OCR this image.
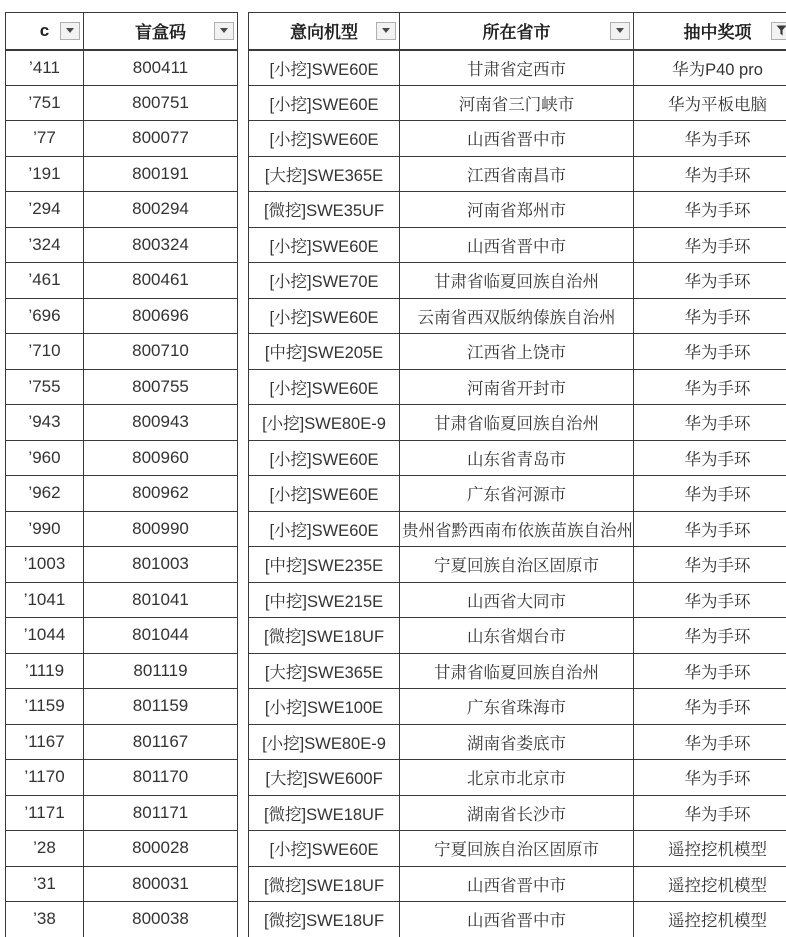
c	盲盒码

’411	800411
’751	800751
’77	800077
’191	800191
’294	800294
’324	800324
’461	800461
’696	800696
’710	800710
’755	800755
’943	800943
’960	800960
’962	800962
’990	800990
’1003	801003
’1041	801041
’1044	801044
’1119	801119
’1159	801159
’1167	801167
’1170	801170
’1171	801171
’28	800028
’31	800031
’38	800038
意向机型	所在省市	抽中奖项

[小挖]SWE60E	甘肃省定西市	华为P40 pro
[小挖]SWE60E	河南省三门峡市	华为平板电脑
[小挖]SWE60E	山西省晋中市	华为手环
[大挖]SWE365E	江西省南昌市	华为手环
[微挖]SWE35UF	河南省郑州市	华为手环
[小挖]SWE60E	山西省晋中市	华为手环
[小挖]SWE70E	甘肃省临夏回族自治州	华为手环
[小挖]SWE60E	云南省西双版纳傣族自治州	华为手环
[中挖]SWE205E	江西省上饶市	华为手环
[小挖]SWE60E	河南省开封市	华为手环
[小挖]SWE80E-9	甘肃省临夏回族自治州	华为手环
[小挖]SWE60E	山东省青岛市	华为手环
[小挖]SWE60E	广东省河源市	华为手环
[小挖]SWE60E	贵州省黔西南布依族苗族自治州	华为手环
[中挖]SWE235E	宁夏回族自治区固原市	华为手环
[中挖]SWE215E	山西省大同市	华为手环
[微挖]SWE18UF	山东省烟台市	华为手环
[大挖]SWE365E	甘肃省临夏回族自治州	华为手环
[小挖]SWE100E	广东省珠海市	华为手环
[小挖]SWE80E-9	湖南省娄底市	华为手环
[大挖]SWE600F	北京市北京市	华为手环
[微挖]SWE18UF	湖南省长沙市	华为手环
[小挖]SWE60E	宁夏回族自治区固原市	遥控挖机模型
[微挖]SWE18UF	山西省晋中市	遥控挖机模型
[微挖]SWE18UF	山西省晋中市	遥控挖机模型
